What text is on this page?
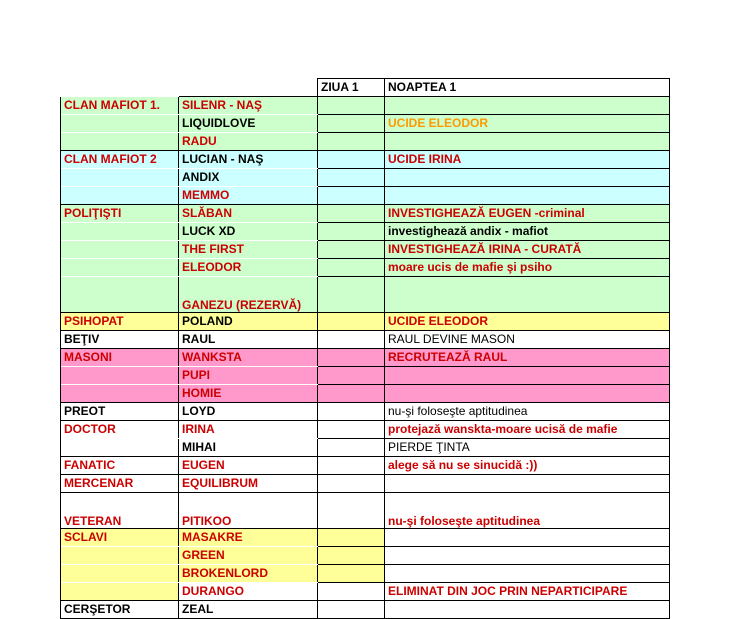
		ZIUA 1	NOAPTEA 1
CLAN MAFIOT 1.	SILENR - NAŞ		
	LIQUIDLOVE		UCIDE ELEODOR
	RADU		
CLAN MAFIOT 2	LUCIAN - NAŞ		UCIDE IRINA
	ANDIX		
	MEMMO		
POLIŢIŞTI	SLĂBAN		INVESTIGHEAZĂ EUGEN -criminal
	LUCK XD		investighează andix - mafiot
	THE FIRST		INVESTIGHEAZĂ IRINA - CURATĂ
	ELEODOR		moare ucis de mafie şi psiho
	GANEZU (REZERVĂ)		
PSIHOPAT	POLAND		UCIDE ELEODOR
BEŢIV	RAUL		RAUL DEVINE MASON
MASONI	WANKSTA		RECRUTEAZĂ RAUL
	PUPI		
	HOMIE		
PREOT	LOYD		nu-şi foloseşte aptitudinea
DOCTOR	IRINA		protejază wanskta-moare ucisă de mafie
	MIHAI		PIERDE ŢINTA
FANATIC	EUGEN		alege să nu se sinucidă :))
MERCENAR	EQUILIBRUM		
VETERAN	PITIKOO		nu-şi foloseşte aptitudinea
SCLAVI	MASAKRE		
	GREEN		
	BROKENLORD		
	DURANGO		ELIMINAT DIN JOC PRIN NEPARTICIPARE
CERŞETOR	ZEAL		
